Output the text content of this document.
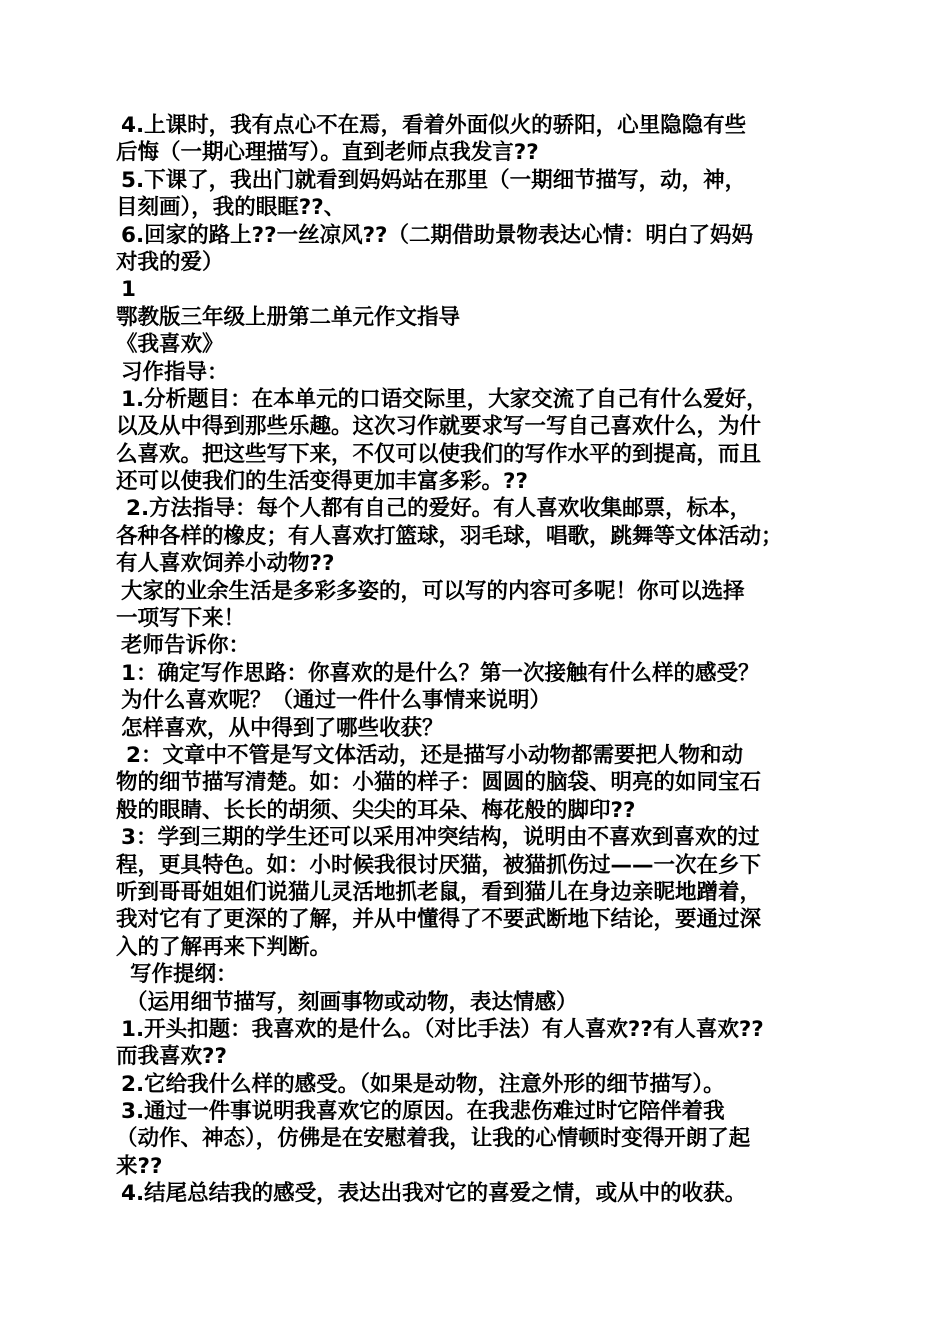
4.上课时，我有点心不在焉，看着外面似火的骄阳，心里隐隐有些
后悔（一期心理描写）。直到老师点我发言??
5.下课了，我出门就看到妈妈站在那里（一期细节描写，动，神，
目刻画），我的眼眶??、
6.回家的路上??一丝凉风??（二期借助景物表达心情：明白了妈妈
对我的爱）
1
鄂教版三年级上册第二单元作文指导
《我喜欢》
习作指导：
1.分析题目：在本单元的口语交际里，大家交流了自己有什么爱好，
以及从中得到那些乐趣。这次习作就要求写一写自己喜欢什么，为什
么喜欢。把这些写下来，不仅可以使我们的写作水平的到提高，而且
还可以使我们的生活变得更加丰富多彩。??
2.方法指导：每个人都有自己的爱好。有人喜欢收集邮票，标本，
各种各样的橡皮；有人喜欢打篮球，羽毛球，唱歌，跳舞等文体活动；
有人喜欢饲养小动物??
大家的业余生活是多彩多姿的，可以写的内容可多呢！你可以选择
一项写下来！
老师告诉你：
1：确定写作思路：你喜欢的是什么？第一次接触有什么样的感受？
为什么喜欢呢？（通过一件什么事情来说明）
怎样喜欢，从中得到了哪些收获？
2：文章中不管是写文体活动，还是描写小动物都需要把人物和动
物的细节描写清楚。如：小猫的样子：圆圆的脑袋、明亮的如同宝石
般的眼睛、长长的胡须、尖尖的耳朵、梅花般的脚印??
3：学到三期的学生还可以采用冲突结构，说明由不喜欢到喜欢的过
程，更具特色。如：小时候我很讨厌猫，被猫抓伤过——一次在乡下
听到哥哥姐姐们说猫儿灵活地抓老鼠，看到猫儿在身边亲昵地蹭着，
我对它有了更深的了解，并从中懂得了不要武断地下结论，要通过深
入的了解再来下判断。
写作提纲：
（运用细节描写，刻画事物或动物，表达情感）
1.开头扣题：我喜欢的是什么。（对比手法）有人喜欢??有人喜欢??
而我喜欢??
2.它给我什么样的感受。（如果是动物，注意外形的细节描写）。
3.通过一件事说明我喜欢它的原因。在我悲伤难过时它陪伴着我
（动作、神态），仿佛是在安慰着我，让我的心情顿时变得开朗了起
来??
4.结尾总结我的感受，表达出我对它的喜爱之情，或从中的收获。
